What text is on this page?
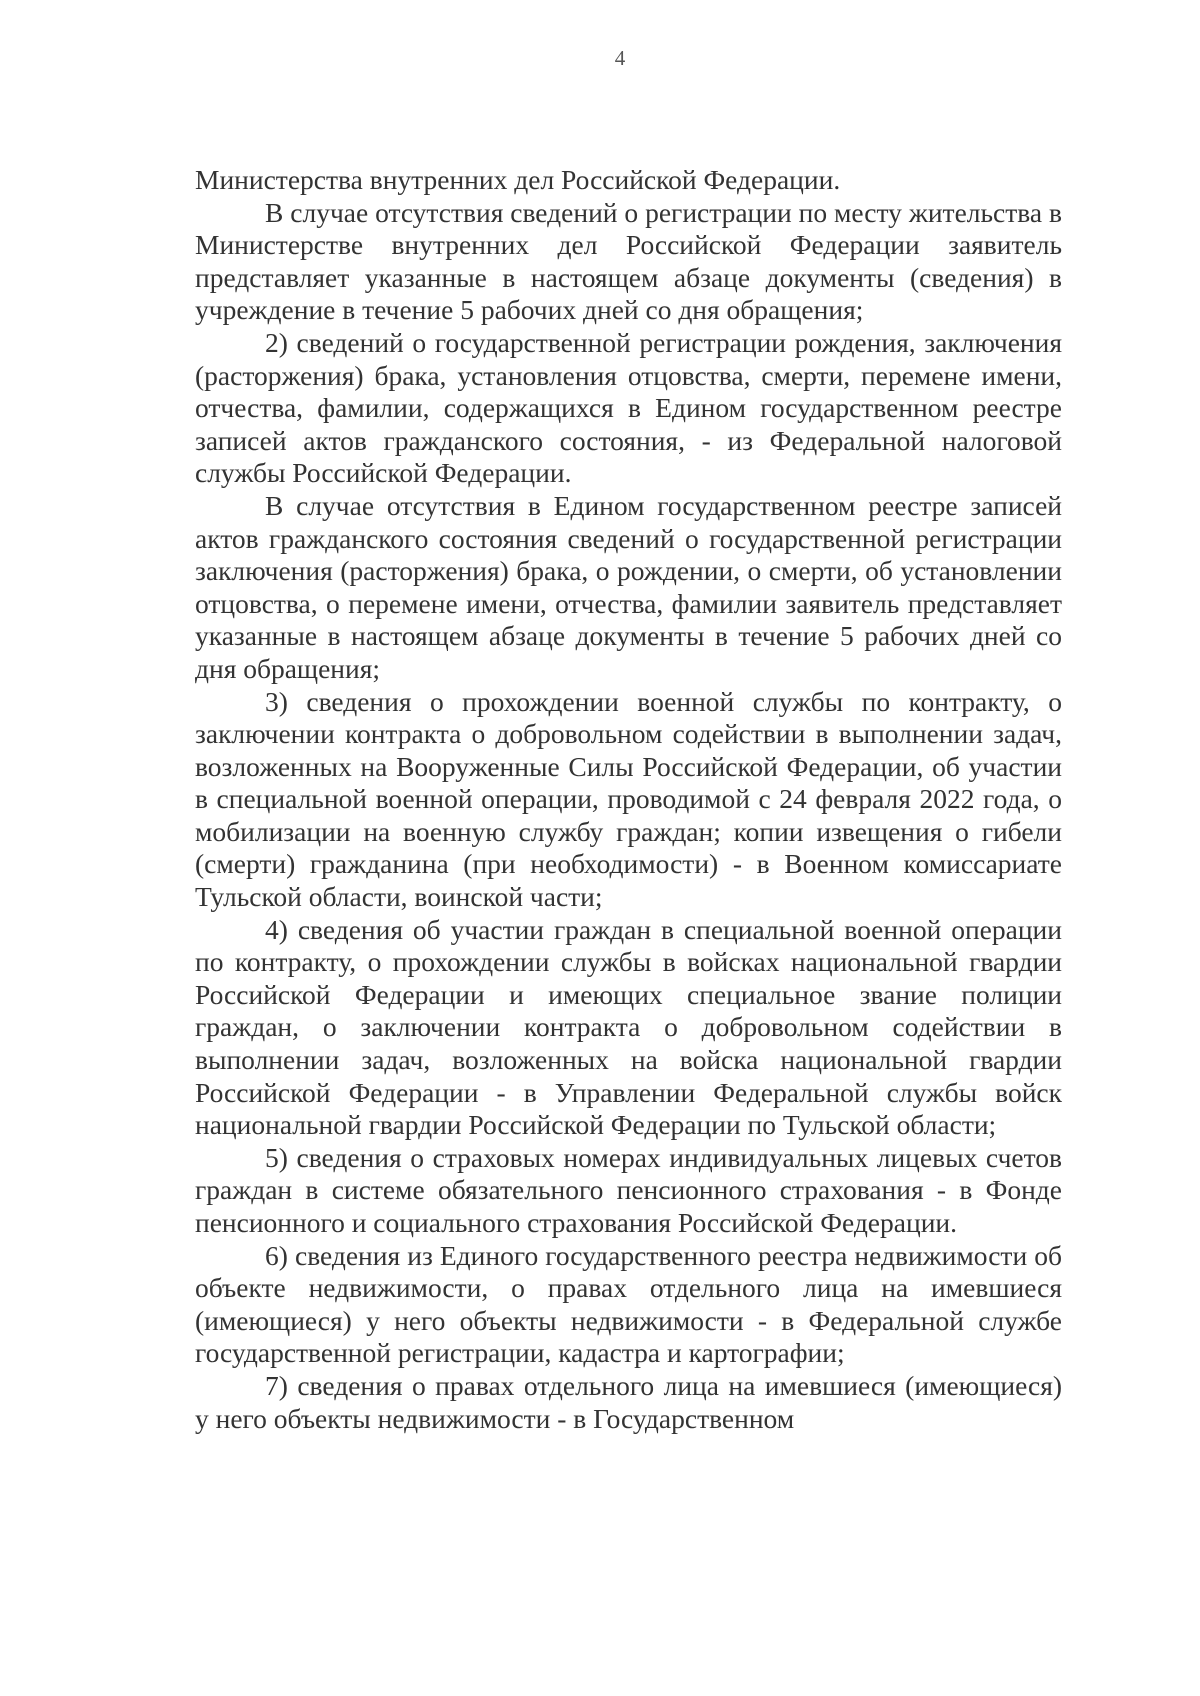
4

Министерства внутренних дел Российской Федерации.

В случае отсутствия сведений о регистрации по месту жительства в Министерстве внутренних дел Российской Федерации заявитель представляет указанные в настоящем абзаце документы (сведения) в учреждение в течение 5 рабочих дней со дня обращения;

2) сведений о государственной регистрации рождения, заключения (расторжения) брака, установления отцовства, смерти, перемене имени, отчества, фамилии, содержащихся в Едином государственном реестре записей актов гражданского состояния, - из Федеральной налоговой службы Российской Федерации.

В случае отсутствия в Едином государственном реестре записей актов гражданского состояния сведений о государственной регистрации заключения (расторжения) брака, о рождении, о смерти, об установлении отцовства, о перемене имени, отчества, фамилии заявитель представляет указанные в настоящем абзаце документы в течение 5 рабочих дней со дня обращения;

3) сведения о прохождении военной службы по контракту, о заключении контракта о добровольном содействии в выполнении задач, возложенных на Вооруженные Силы Российской Федерации, об участии в специальной военной операции, проводимой с 24 февраля 2022 года, о мобилизации на военную службу граждан; копии извещения о гибели (смерти) гражданина (при необходимости) - в Военном комиссариате Тульской области, воинской части;

4) сведения об участии граждан в специальной военной операции по контракту, о прохождении службы в войсках национальной гвардии Российской Федерации и имеющих специальное звание полиции граждан, о заключении контракта о добровольном содействии в выполнении задач, возложенных на войска национальной гвардии Российской Федерации - в Управлении Федеральной службы войск национальной гвардии Российской Федерации по Тульской области;

5) сведения о страховых номерах индивидуальных лицевых счетов граждан в системе обязательного пенсионного страхования - в Фонде пенсионного и социального страхования Российской Федерации.

6) сведения из Единого государственного реестра недвижимости об объекте недвижимости, о правах отдельного лица на имевшиеся (имеющиеся) у него объекты недвижимости - в Федеральной службе государственной регистрации, кадастра и картографии;

7) сведения о правах отдельного лица на имевшиеся (имеющиеся) у него объекты недвижимости - в Государственном
